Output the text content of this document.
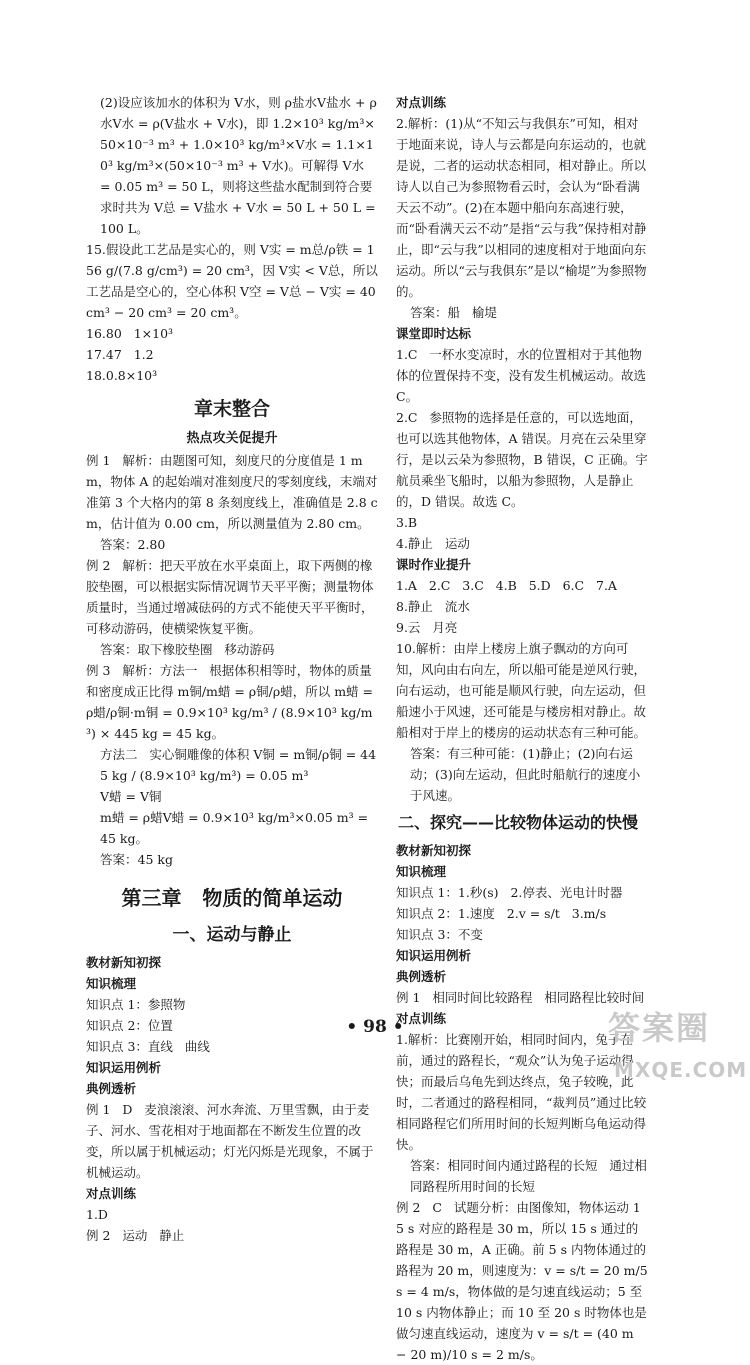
(2)设应该加水的体积为 V水，则 ρ盐水V盐水 + ρ水V水 = ρ(V盐水 + V水)，即 1.2×10³ kg/m³×50×10⁻³ m³ + 1.0×10³ kg/m³×V水 = 1.1×10³ kg/m³×(50×10⁻³ m³ + V水)。可解得 V水 = 0.05 m³ = 50 L，则将这些盐水配制到符合要求时共为 V总 = V盐水 + V水 = 50 L + 50 L = 100 L。

15.假设此工艺品是实心的，则 V实 = m总/ρ铁 = 156 g/(7.8 g/cm³) = 20 cm³，因 V实 < V总，所以工艺品是空心的，空心体积 V空 = V总 − V实 = 40 cm³ − 20 cm³ = 20 cm³。

16.80   1×10³

17.47   1.2

18.0.8×10³

章末整合

热点攻关促提升

例 1   解析：由题图可知，刻度尺的分度值是 1 mm，物体 A 的起始端对准刻度尺的零刻度线，末端对准第 3 个大格内的第 8 条刻度线上，准确值是 2.8 cm，估计值为 0.00 cm，所以测量值为 2.80 cm。

答案：2.80

例 2   解析：把天平放在水平桌面上，取下两侧的橡胶垫圈，可以根据实际情况调节天平平衡；测量物体质量时，当通过增减砝码的方式不能使天平平衡时，可移动游码，使横梁恢复平衡。

答案：取下橡胶垫圈   移动游码

例 3   解析：方法一   根据体积相等时，物体的质量和密度成正比得 m铜/m蜡 = ρ铜/ρ蜡，所以 m蜡 = ρ蜡/ρ铜·m铜 = 0.9×10³ kg/m³ / (8.9×10³ kg/m³) × 445 kg = 45 kg。

方法二   实心铜雕像的体积 V铜 = m铜/ρ铜 = 445 kg / (8.9×10³ kg/m³) = 0.05 m³

V蜡 = V铜

m蜡 = ρ蜡V蜡 = 0.9×10³ kg/m³×0.05 m³ = 45 kg。

答案：45 kg

第三章   物质的简单运动

一、运动与静止

教材新知初探

知识梳理

知识点 1：参照物

知识点 2：位置

知识点 3：直线   曲线

知识运用例析

典例透析

例 1   D   麦浪滚滚、河水奔流、万里雪飘，由于麦子、河水、雪花相对于地面都在不断发生位置的改变，所以属于机械运动；灯光闪烁是光现象，不属于机械运动。

对点训练

1.D

例 2   运动   静止

对点训练

2.解析：(1)从“不知云与我俱东”可知，相对于地面来说，诗人与云都是向东运动的，也就是说，二者的运动状态相同，相对静止。所以诗人以自己为参照物看云时，会认为“卧看满天云不动”。(2)在本题中船向东高速行驶，而“卧看满天云不动”是指“云与我”保持相对静止，即“云与我”以相同的速度相对于地面向东运动。所以“云与我俱东”是以“榆堤”为参照物的。

答案：船   榆堤

课堂即时达标

1.C   一杯水变凉时，水的位置相对于其他物体的位置保持不变，没有发生机械运动。故选 C。

2.C   参照物的选择是任意的，可以选地面，也可以选其他物体，A 错误。月亮在云朵里穿行，是以云朵为参照物，B 错误，C 正确。宇航员乘坐飞船时，以船为参照物，人是静止的，D 错误。故选 C。

3.B

4.静止   运动

课时作业提升

1.A   2.C   3.C   4.B   5.D   6.C   7.A

8.静止   流水

9.云   月亮

10.解析：由岸上楼房上旗子飘动的方向可知，风向由右向左，所以船可能是逆风行驶，向右运动，也可能是顺风行驶，向左运动，但船速小于风速，还可能是与楼房相对静止。故船相对于岸上的楼房的运动状态有三种可能。

答案：有三种可能：(1)静止；(2)向右运动；(3)向左运动，但此时船航行的速度小于风速。

二、探究——比较物体运动的快慢

教材新知初探

知识梳理

知识点 1：1.秒(s)   2.停表、光电计时器

知识点 2：1.速度   2.v = s/t   3.m/s

知识点 3：不变

知识运用例析

典例透析

例 1   相同时间比较路程   相同路程比较时间

对点训练

1.解析：比赛刚开始，相同时间内，兔子在前，通过的路程长，“观众”认为兔子运动得快；而最后乌龟先到达终点，兔子较晚，此时，二者通过的路程相同，“裁判员”通过比较相同路程它们所用时间的长短判断乌龟运动得快。

答案：相同时间内通过路程的长短   通过相同路程所用时间的长短

例 2   C   试题分析：由图像知，物体运动 15 s 对应的路程是 30 m，所以 15 s 通过的路程是 30 m，A 正确。前 5 s 内物体通过的路程为 20 m，则速度为：v = s/t = 20 m/5 s = 4 m/s，物体做的是匀速直线运动；5 至 10 s 内物体静止；而 10 至 20 s 时物体也是做匀速直线运动，速度为 v = s/t = (40 m − 20 m)/10 s = 2 m/s。

• 98 •	答案圈
MXQE.COM
